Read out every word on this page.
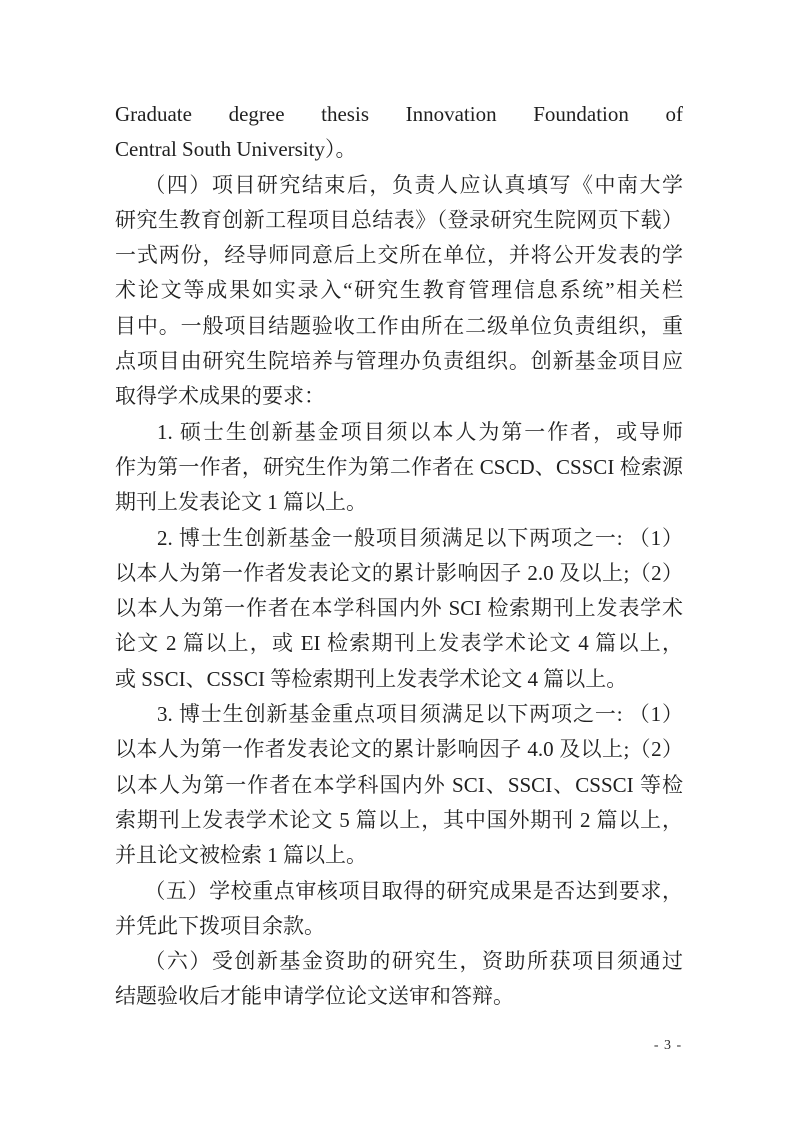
Graduate degree thesis Innovation Foundation of
Central South University）。
（四）项目研究结束后，负责人应认真填写《中南大学
研究生教育创新工程项目总结表》（登录研究生院网页下载）
一式两份，经导师同意后上交所在单位，并将公开发表的学
术论文等成果如实录入“研究生教育管理信息系统”相关栏
目中。一般项目结题验收工作由所在二级单位负责组织，重
点项目由研究生院培养与管理办负责组织。创新基金项目应
取得学术成果的要求：
1. 硕士生创新基金项目须以本人为第一作者，或导师
作为第一作者，研究生作为第二作者在 CSCD、CSSCI 检索源
期刊上发表论文 1 篇以上。
2. 博士生创新基金一般项目须满足以下两项之一: （1）
以本人为第一作者发表论文的累计影响因子 2.0 及以上;（2）
以本人为第一作者在本学科国内外 SCI 检索期刊上发表学术
论文 2 篇以上，或 EI 检索期刊上发表学术论文 4 篇以上，
或 SSCI、CSSCI 等检索期刊上发表学术论文 4 篇以上。
3. 博士生创新基金重点项目须满足以下两项之一: （1）
以本人为第一作者发表论文的累计影响因子 4.0 及以上;（2）
以本人为第一作者在本学科国内外 SCI、SSCI、CSSCI 等检
索期刊上发表学术论文 5 篇以上，其中国外期刊 2 篇以上，
并且论文被检索 1 篇以上。
（五）学校重点审核项目取得的研究成果是否达到要求，
并凭此下拨项目余款。
（六）受创新基金资助的研究生，资助所获项目须通过
结题验收后才能申请学位论文送审和答辩。
- 3 -
